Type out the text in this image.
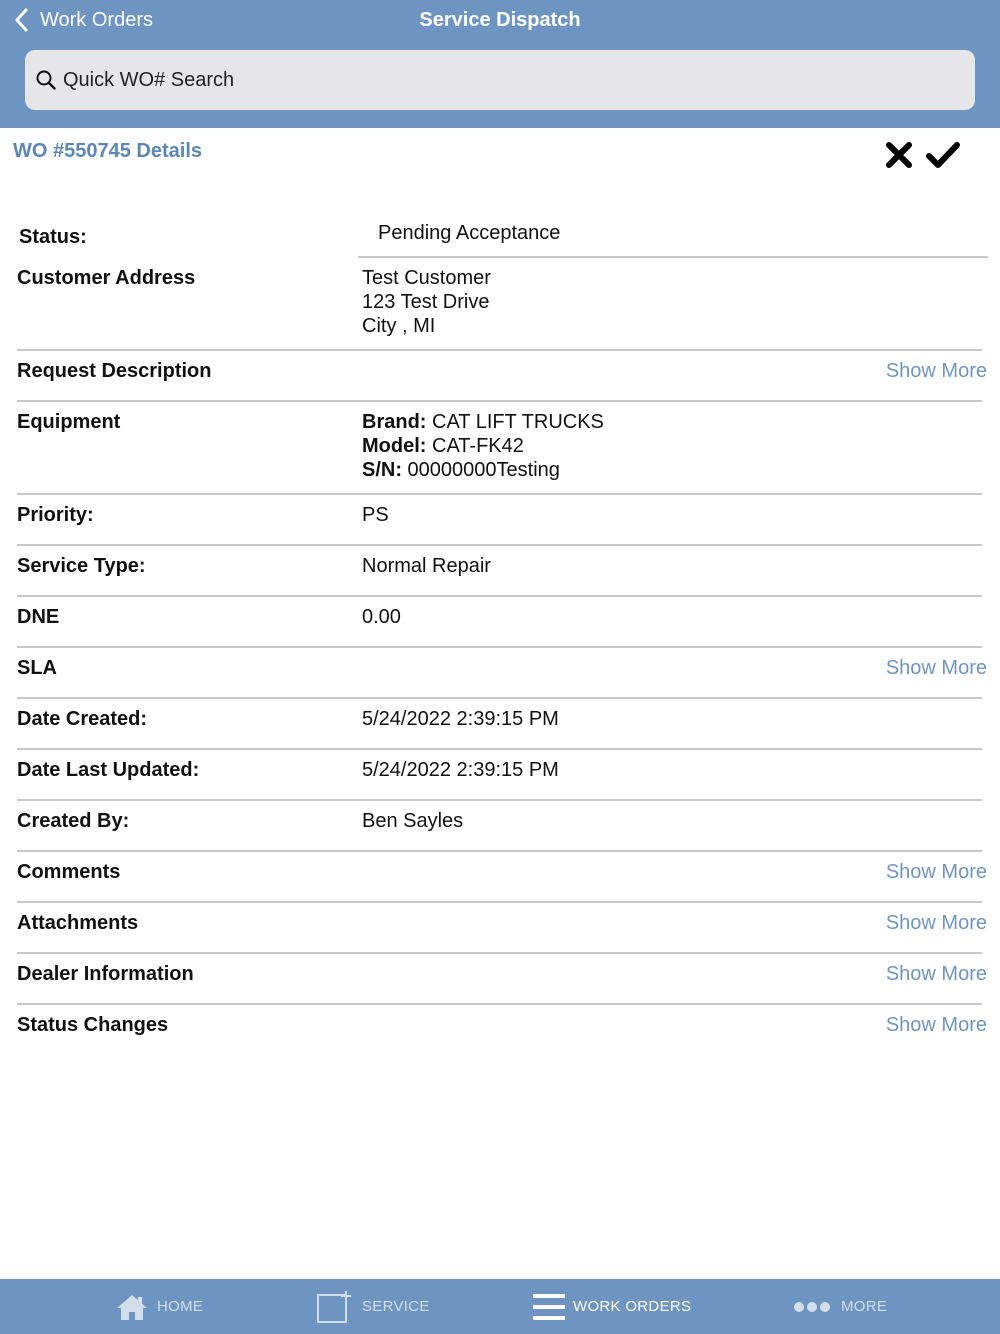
Work Orders	Service Dispatch
Quick WO# Search
WO #550745 Details
Status:	Pending Acceptance
Customer Address	Test Customer
123 Test Drive
City , MI
Request Description	Show More
Equipment	Brand: CAT LIFT TRUCKS
Model: CAT-FK42
S/N: 00000000Testing
Priority:	PS
Service Type:	Normal Repair
DNE	0.00
SLA	Show More
Date Created:	5/24/2022 2:39:15 PM
Date Last Updated:	5/24/2022 2:39:15 PM
Created By:	Ben Sayles
Comments	Show More
Attachments	Show More
Dealer Information	Show More
Status Changes	Show More
HOME	SERVICE	WORK ORDERS	MORE
